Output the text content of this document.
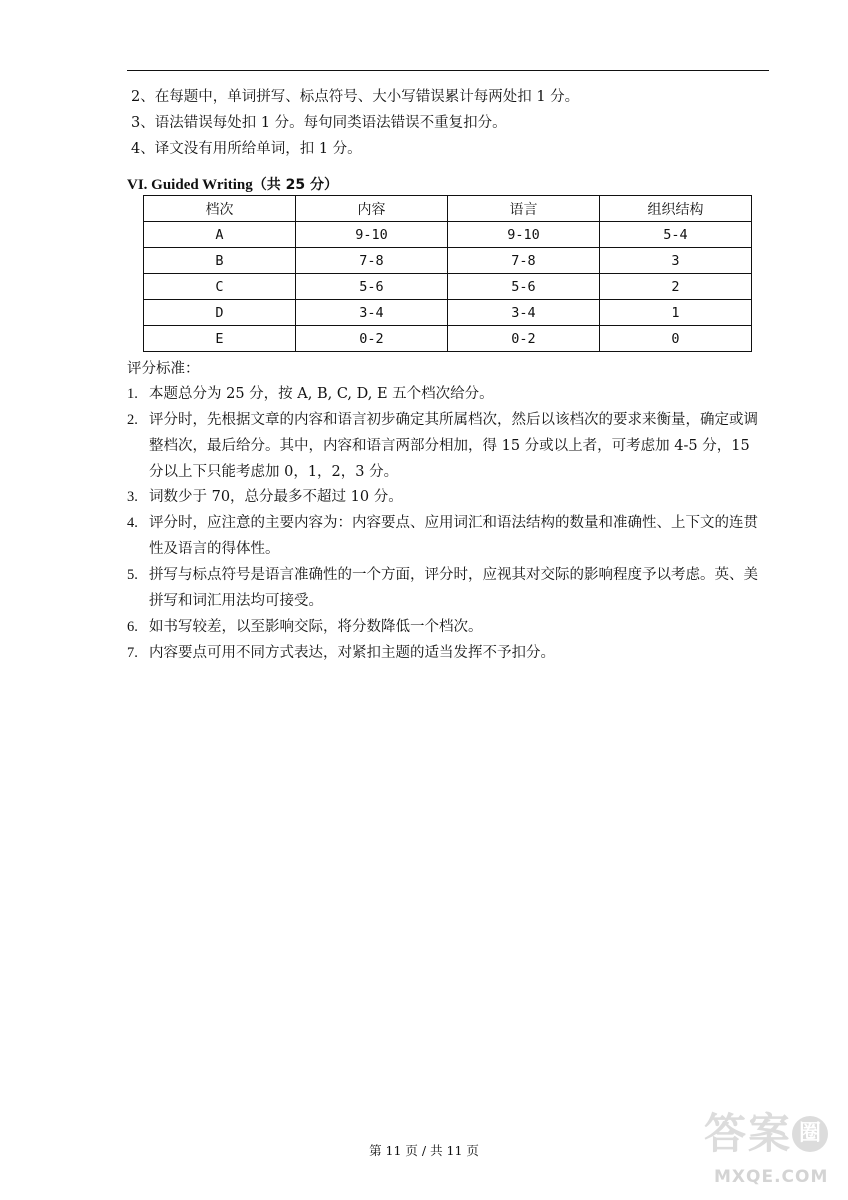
2、在每题中，单词拼写、标点符号、大小写错误累计每两处扣 1 分。
3、语法错误每处扣 1 分。每句同类语法错误不重复扣分。
4、译文没有用所给单词，扣 1 分。
VI. Guided Writing（共 25 分）
档次	内容	语言	组织结构
A	9-10	9-10	5-4
B	7-8	7-8	3
C	5-6	5-6	2
D	3-4	3-4	1
E	0-2	0-2	0
评分标准：
1. 本题总分为 25 分，按 A, B, C, D, E 五个档次给分。
2. 评分时，先根据文章的内容和语言初步确定其所属档次，然后以该档次的要求来衡量，确定或调整档次，最后给分。其中，内容和语言两部分相加，得 15 分或以上者，可考虑加 4-5 分，15 分以上下只能考虑加 0，1，2，3 分。
3. 词数少于 70，总分最多不超过 10 分。
4. 评分时，应注意的主要内容为：内容要点、应用词汇和语法结构的数量和准确性、上下文的连贯性及语言的得体性。
5. 拼写与标点符号是语言准确性的一个方面，评分时，应视其对交际的影响程度予以考虑。英、美拼写和词汇用法均可接受。
6. 如书写较差，以至影响交际，将分数降低一个档次。
7. 内容要点可用不同方式表达，对紧扣主题的适当发挥不予扣分。
第 11 页 / 共 11 页	答案 圈
MXQE.COM
